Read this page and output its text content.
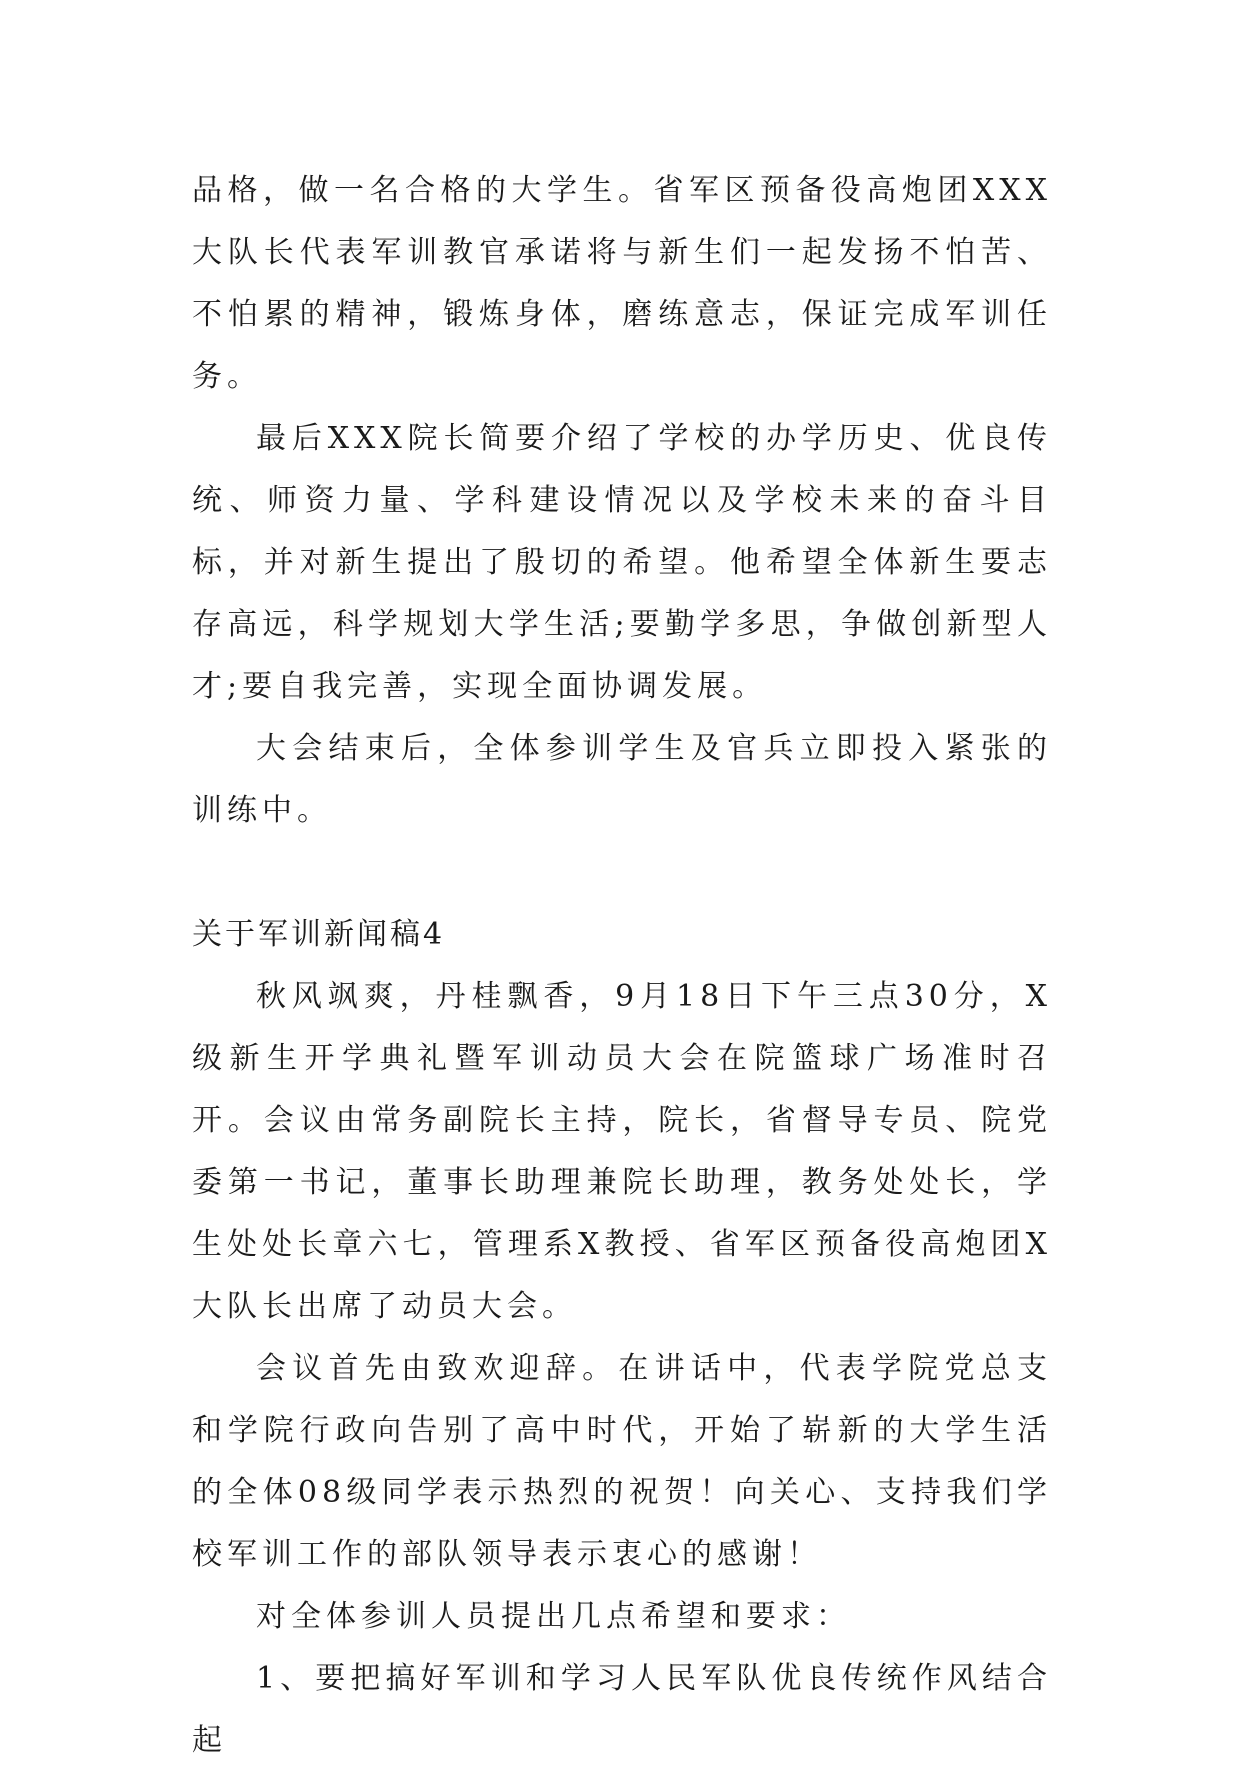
品格，做一名合格的大学生。省军区预备役高炮团XXX大队长代表军训教官承诺将与新生们一起发扬不怕苦、不怕累的精神，锻炼身体，磨练意志，保证完成军训任务。

最后XXX院长简要介绍了学校的办学历史、优良传统、师资力量、学科建设情况以及学校未来的奋斗目标，并对新生提出了殷切的希望。他希望全体新生要志存高远，科学规划大学生活;要勤学多思，争做创新型人才;要自我完善，实现全面协调发展。

大会结束后，全体参训学生及官兵立即投入紧张的训练中。

关于军训新闻稿4

秋风飒爽，丹桂飘香，9月18日下午三点30分，X级新生开学典礼暨军训动员大会在院篮球广场准时召开。会议由常务副院长主持，院长，省督导专员、院党委第一书记，董事长助理兼院长助理，教务处处长，学生处处长章六七，管理系X教授、省军区预备役高炮团X大队长出席了动员大会。

会议首先由致欢迎辞。在讲话中，代表学院党总支和学院行政向告别了高中时代，开始了崭新的大学生活的全体08级同学表示热烈的祝贺！向关心、支持我们学校军训工作的部队领导表示衷心的感谢！

对全体参训人员提出几点希望和要求：

1、要把搞好军训和学习人民军队优良传统作风结合起
